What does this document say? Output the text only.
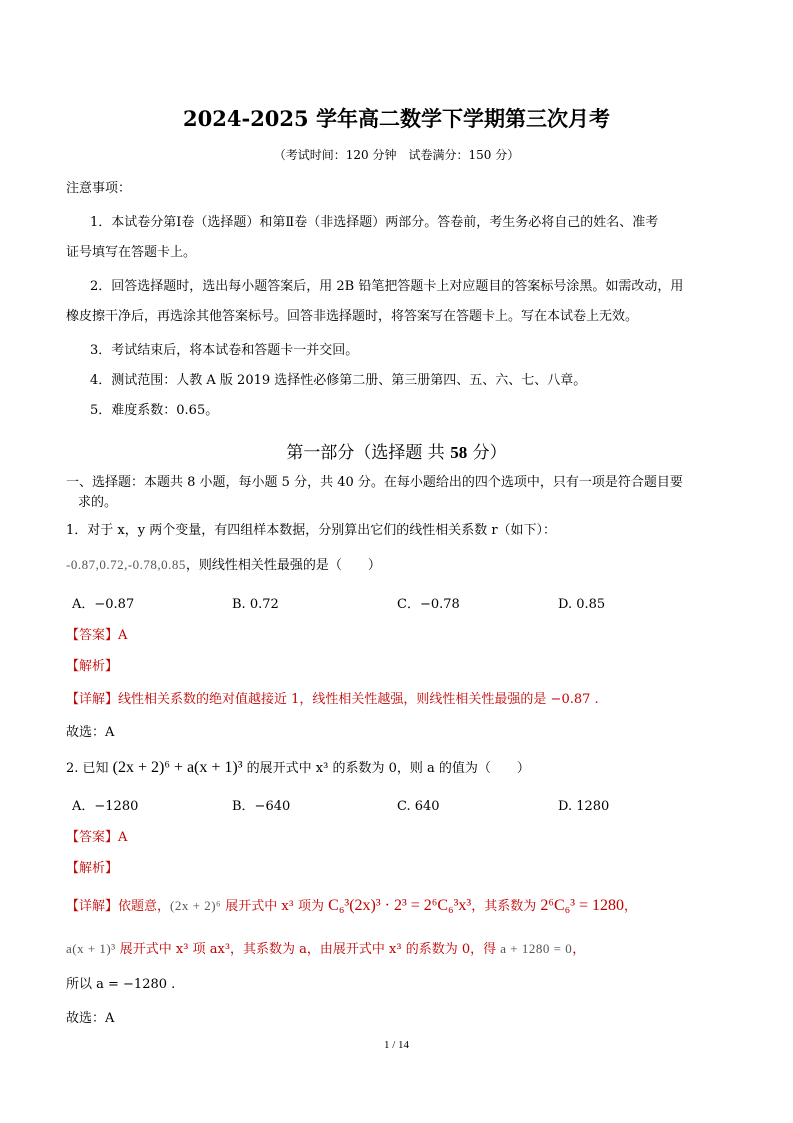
2024-2025 学年高二数学下学期第三次月考
（考试时间：120 分钟　试卷满分：150 分）
注意事项：
1．本试卷分第Ⅰ卷（选择题）和第Ⅱ卷（非选择题）两部分。答卷前，考生务必将自己的姓名、准考
证号填写在答题卡上。
2．回答选择题时，选出每小题答案后，用 2B 铅笔把答题卡上对应题目的答案标号涂黑。如需改动，用
橡皮擦干净后，再选涂其他答案标号。回答非选择题时，将答案写在答题卡上。写在本试卷上无效。
3．考试结束后，将本试卷和答题卡一并交回。
4．测试范围：人教 A 版 2019 选择性必修第二册、第三册第四、五、六、七、八章。
5．难度系数：0.65。
第一部分（选择题 共 58 分）
一、选择题：本题共 8 小题，每小题 5 分，共 40 分。在每小题给出的四个选项中，只有一项是符合题目要
求的。
1．对于 x，y 两个变量，有四组样本数据，分别算出它们的线性相关系数 r（如下）：
-0.87,0.72,-0.78,0.85，则线性相关性最强的是（　　）
A．−0.87	B. 0.72	C．−0.78	D. 0.85
【答案】A
【解析】
【详解】线性相关系数的绝对值越接近 1，线性相关性越强，则线性相关性最强的是 −0.87 .
故选：A
2. 已知 (2x + 2)⁶ + a(x + 1)³ 的展开式中 x³ 的系数为 0，则 a 的值为（　　）
A．−1280	B．−640	C. 640	D. 1280
【答案】A
【解析】
【详解】依题意，(2x + 2)⁶ 展开式中 x³ 项为 C₆³(2x)³ · 2³ = 2⁶C₆³x³，其系数为 2⁶C₆³ = 1280，
a(x + 1)³ 展开式中 x³ 项 ax³，其系数为 a，由展开式中 x³ 的系数为 0，得 a + 1280 = 0，
所以 a = −1280 .
故选：A
1 / 14
